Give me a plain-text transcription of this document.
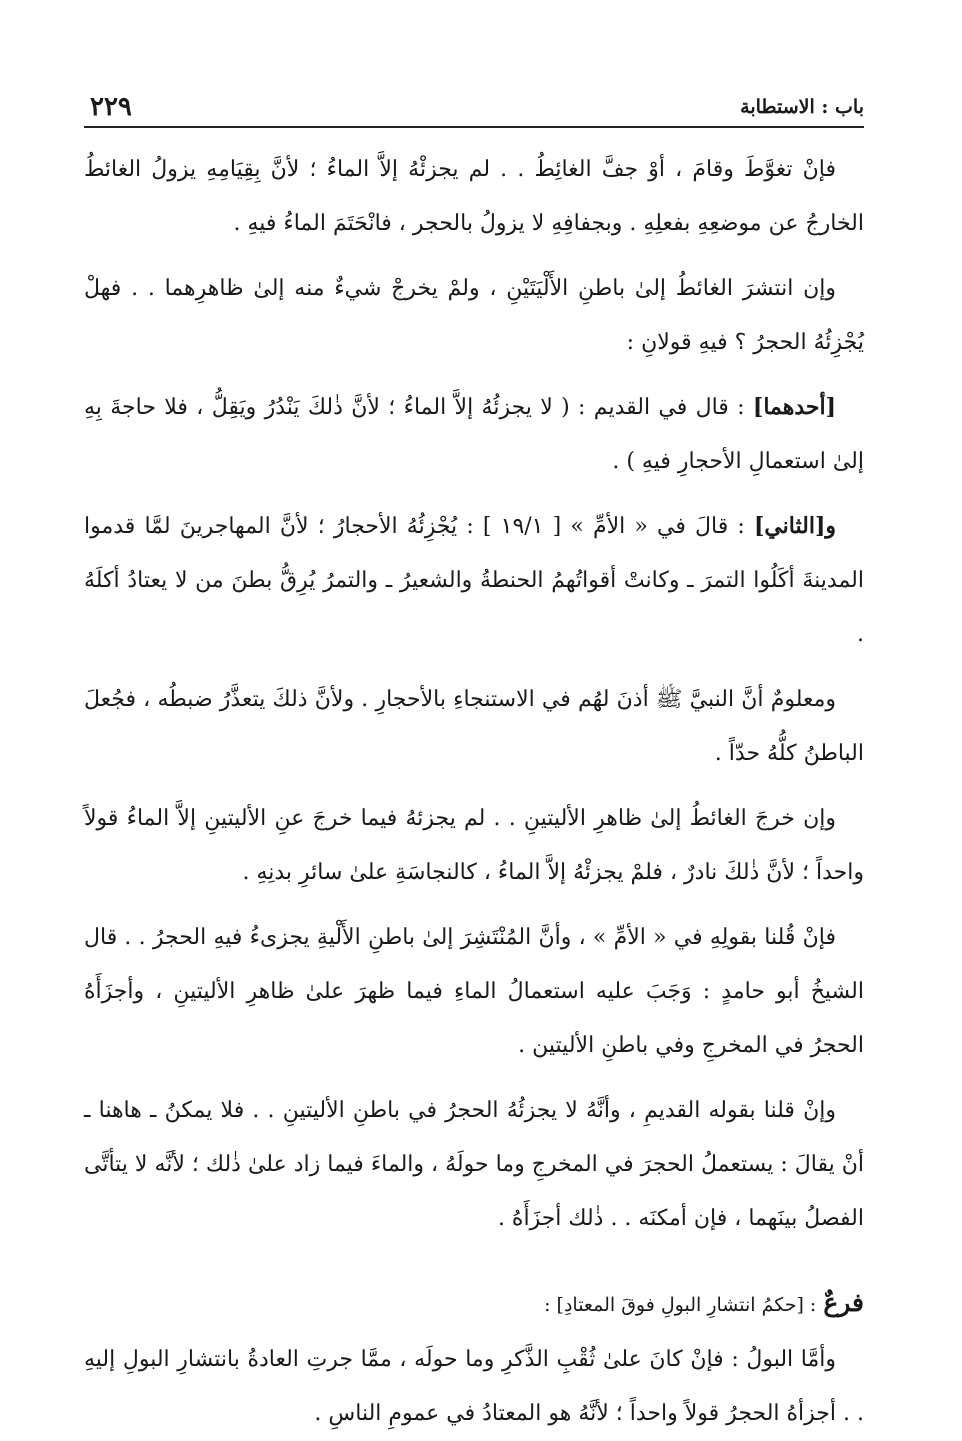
باب : الاستطابة
٢٢٩

فإنْ تغوَّطَ وقامَ ، أوْ جفَّ الغائِطُ . . لم يجزئْهُ إلاَّ الماءُ ؛ لأنَّ بِقِيَامِهِ يزولُ الغائطُ الخارجُ عن موضعِهِ بفعلِهِ . وبجفافِهِ لا يزولُ بالحجر ، فانْحَتَمَ الماءُ فيهِ .

وإن انتشرَ الغائطُ إلىٰ باطنِ الأَلْيَتَيْنِ ، ولمْ يخرجْ شيءٌ منه إلىٰ ظاهرِهما . . فهلْ يُجْزِئُهُ الحجرُ ؟ فيهِ قولانِ :

[أحدهما] : قال في القديم : ( لا يجزئُهُ إلاَّ الماءُ ؛ لأنَّ ذٰلكَ يَنْدُرُ ويَقِلُّ ، فلا حاجةَ بِهِ إلىٰ استعمالِ الأحجارِ فيهِ ) .

و[الثاني] : قالَ في « الأمِّ » [ ١٩/١ ] : يُجْزِئُهُ الأحجارُ ؛ لأنَّ المهاجرينَ لمَّا قدموا المدينةَ أكَلُوا التمرَ ـ وكانتْ أقواتُهمُ الحنطةُ والشعيرُ ـ والتمرُ يُرِقُّ بطنَ من لا يعتادُ أكلَهُ .

ومعلومٌ أنَّ النبيَّ ﷺ أذنَ لهُم في الاستنجاءِ بالأحجارِ . ولأنَّ ذلكَ يتعذَّرُ ضبطُه ، فجُعلَ الباطنُ كلُّهُ حدّاً .

وإن خرجَ الغائطُ إلىٰ ظاهرِ الأليتينِ . . لم يجزئهُ فيما خرجَ عنِ الأليتينِ إلاَّ الماءُ قولاً واحداً ؛ لأنَّ ذٰلكَ نادرٌ ، فلمْ يجزئْهُ إلاَّ الماءُ ، كالنجاسَةِ علىٰ سائرِ بدنِهِ .

فإنْ قُلنا بقولِهِ في « الأمِّ » ، وأنَّ المُنْتَشِرَ إلىٰ باطنِ الأَلْيةِ يجزىءُ فيهِ الحجرُ . . قال الشيخُ أبو حامدٍ : وَجَبَ عليه استعمالُ الماءِ فيما ظهرَ علىٰ ظاهرِ الأليتينِ ، وأجزَأَهُ الحجرُ في المخرجِ وفي باطنِ الأليتين .

وإنْ قلنا بقوله القديمِ ، وأنَّهُ لا يجزئُهُ الحجرُ في باطنِ الأليتينِ . . فلا يمكنُ ـ هاهنا ـ أنْ يقالَ : يستعملُ الحجرَ في المخرجِ وما حولَهُ ، والماءَ فيما زاد علىٰ ذٰلك ؛ لأنَّه لا يتأتَّى الفصلُ بينَهما ، فإن أمكنَه . . ذٰلك أجزَأَهُ .

فرعٌ : [حكمُ انتشارِ البولِ فوقَ المعتادِ] :

وأمَّا البولُ : فإنْ كانَ علىٰ ثُقْبِ الذَّكرِ وما حولَه ، ممَّا جرتِ العادةُ بانتشارِ البولِ إليهِ . . أجزأهُ الحجرُ قولاً واحداً ؛ لأنَّهُ هو المعتادُ في عمومِ الناسِ .
